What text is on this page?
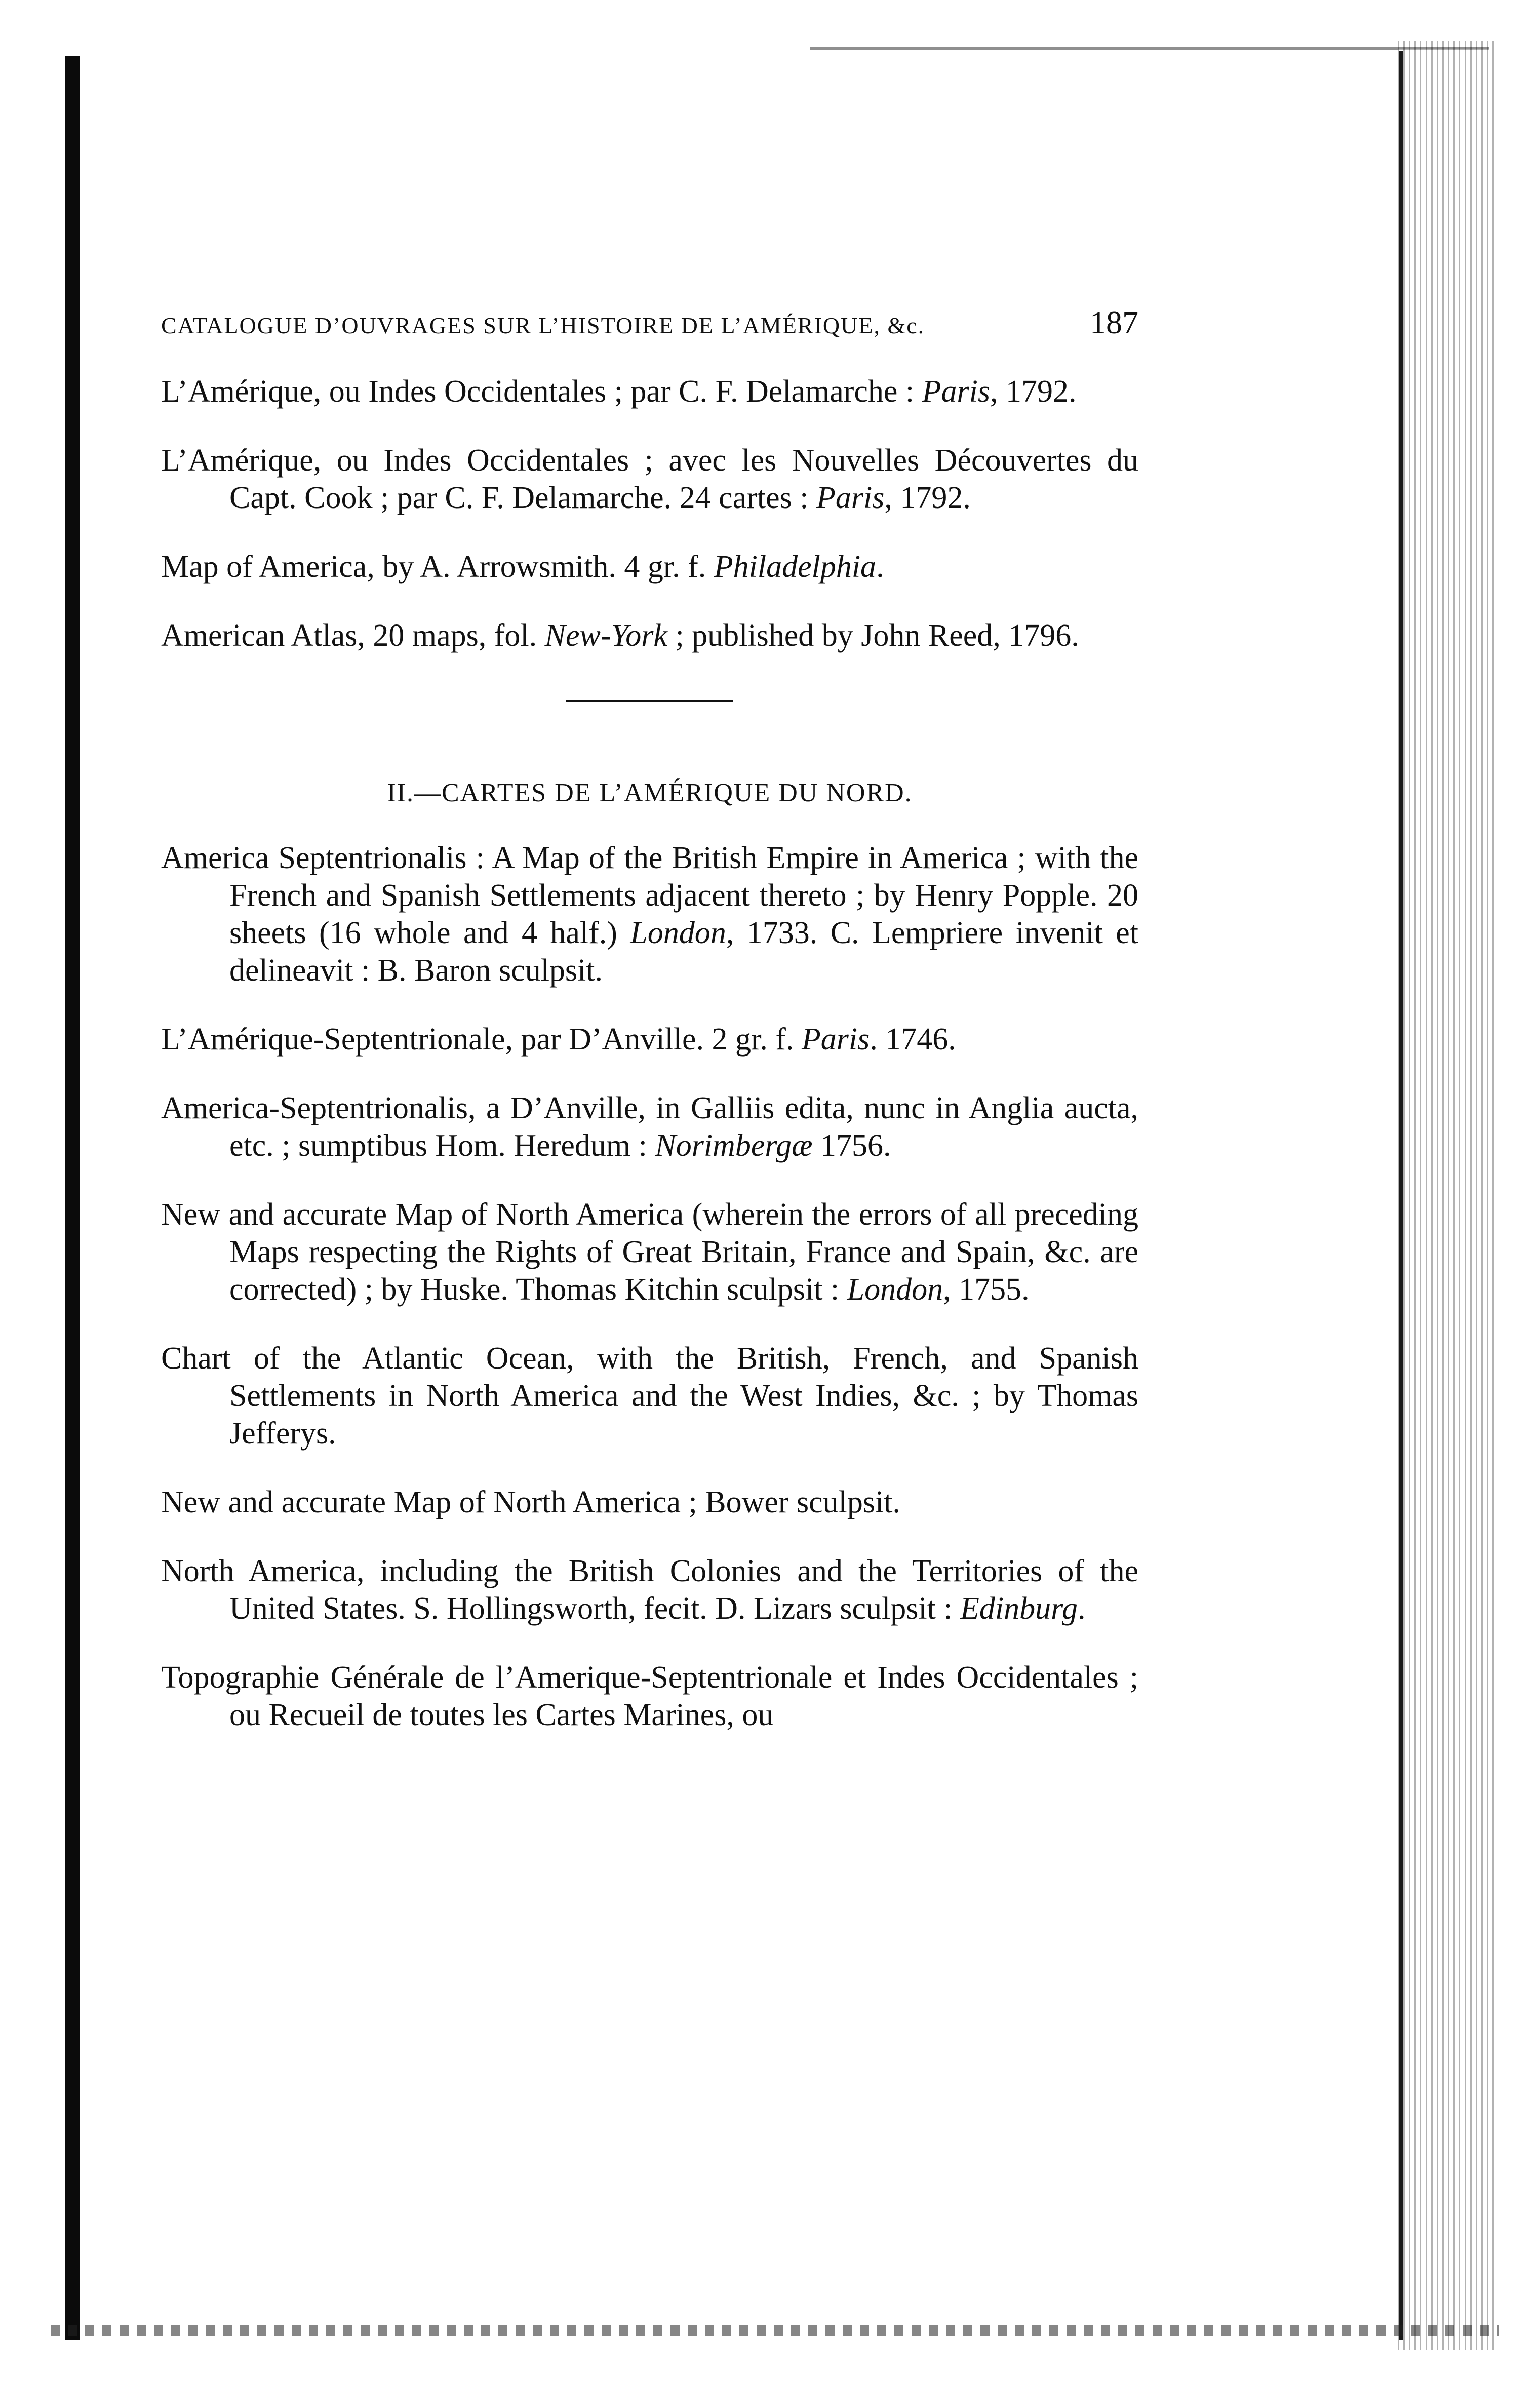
CATALOGUE D’OUVRAGES SUR L’HISTOIRE DE L’AMÉRIQUE, &c.	187

L’Amérique, ou Indes Occidentales ; par C. F. Delamarche : Paris, 1792.

L’Amérique, ou Indes Occidentales ; avec les Nouvelles Découvertes du Capt. Cook ; par C. F. Delamarche. 24 cartes : Paris, 1792.

Map of America, by A. Arrowsmith. 4 gr. f. Philadelphia.

American Atlas, 20 maps, fol. New-York ; published by John Reed, 1796.

II.—CARTES DE L’AMÉRIQUE DU NORD.

America Septentrionalis : A Map of the British Empire in America ; with the French and Spanish Settlements adjacent thereto ; by Henry Popple. 20 sheets (16 whole and 4 half.) London, 1733. C. Lempriere invenit et delineavit : B. Baron sculpsit.

L’Amérique-Septentrionale, par D’Anville. 2 gr. f. Paris. 1746.

America-Septentrionalis, a D’Anville, in Galliis edita, nunc in Anglia aucta, etc. ; sumptibus Hom. Heredum : Norimbergæ 1756.

New and accurate Map of North America (wherein the errors of all preceding Maps respecting the Rights of Great Britain, France and Spain, &c. are corrected) ; by Huske. Thomas Kitchin sculpsit : London, 1755.

Chart of the Atlantic Ocean, with the British, French, and Spanish Settlements in North America and the West Indies, &c. ; by Thomas Jefferys.

New and accurate Map of North America ; Bower sculpsit.

North America, including the British Colonies and the Territories of the United States. S. Hollingsworth, fecit. D. Lizars sculpsit : Edinburg.

Topographie Générale de l’Amerique-Septentrionale et Indes Occidentales ; ou Recueil de toutes les Cartes Marines, ou
